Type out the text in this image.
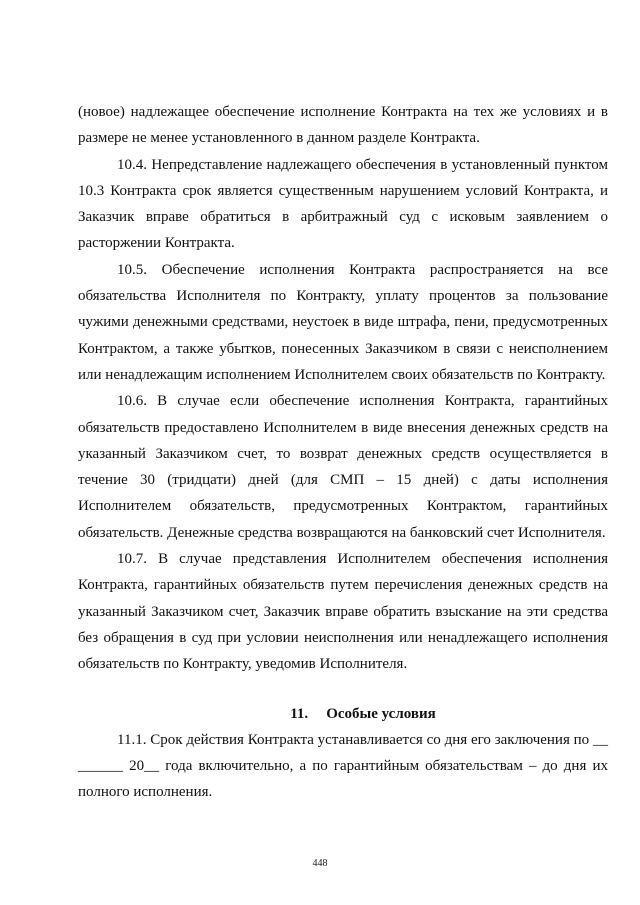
(новое) надлежащее обеспечение исполнение Контракта на тех же условиях и в размере не менее установленного в данном разделе Контракта.

10.4. Непредставление надлежащего обеспечения в установленный пунктом 10.3 Контракта срок является существенным нарушением условий Контракта, и Заказчик вправе обратиться в арбитражный суд с исковым заявлением о расторжении Контракта.

10.5. Обеспечение исполнения Контракта распространяется на все обязательства Исполнителя по Контракту, уплату процентов за пользование чужими денежными средствами, неустоек в виде штрафа, пени, предусмотренных Контрактом, а также убытков, понесенных Заказчиком в связи с неисполнением или ненадлежащим исполнением Исполнителем своих обязательств по Контракту.

10.6. В случае если обеспечение исполнения Контракта, гарантийных обязательств предоставлено Исполнителем в виде внесения денежных средств на указанный Заказчиком счет, то возврат денежных средств осуществляется в течение 30 (тридцати) дней (для СМП – 15 дней) с даты исполнения Исполнителем обязательств, предусмотренных Контрактом, гарантийных обязательств. Денежные средства возвращаются на банковский счет Исполнителя.

10.7. В случае представления Исполнителем обеспечения исполнения Контракта, гарантийных обязательств путем перечисления денежных средств на указанный Заказчиком счет, Заказчик вправе обратить взыскание на эти средства без обращения в суд при условии неисполнения или ненадлежащего исполнения обязательств по Контракту, уведомив Исполнителя.

11. Особые условия

11.1. Срок действия Контракта устанавливается со дня его заключения по __ ______ 20__ года включительно, а по гарантийным обязательствам – до дня их полного исполнения.

448
